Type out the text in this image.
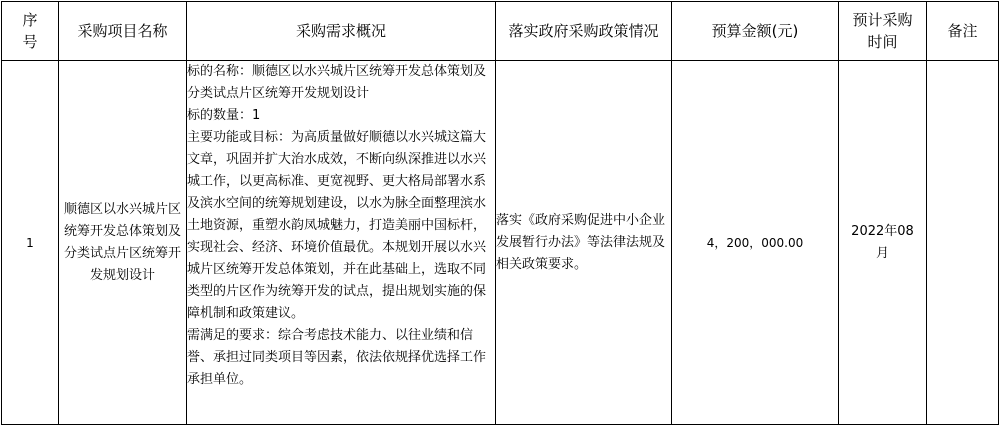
序号	采购项目名称	采购需求概况	落实政府采购政策情况	预算金额(元)	预计采购时间	备注
1	顺德区以水兴城片区统筹开发总体策划及分类试点片区统筹开发规划设计	标的名称：顺德区以水兴城片区统筹开发总体策划及分类试点片区统筹开发规划设计
标的数量：1
主要功能或目标：为高质量做好顺德以水兴城这篇大文章，巩固并扩大治水成效，不断向纵深推进以水兴城工作，以更高标准、更宽视野、更大格局部署水系及滨水空间的统筹规划建设，以水为脉全面整理滨水土地资源，重塑水韵凤城魅力，打造美丽中国标杆，实现社会、经济、环境价值最优。本规划开展以水兴城片区统筹开发总体策划，并在此基础上，选取不同类型的片区作为统筹开发的试点，提出规划实施的保障机制和政策建议。
需满足的要求：综合考虑技术能力、以往业绩和信誉、承担过同类项目等因素，依法依规择优选择工作承担单位。	落实《政府采购促进中小企业发展暂行办法》等法律法规及相关政策要求。	4，200，000.00	2022年08月	
